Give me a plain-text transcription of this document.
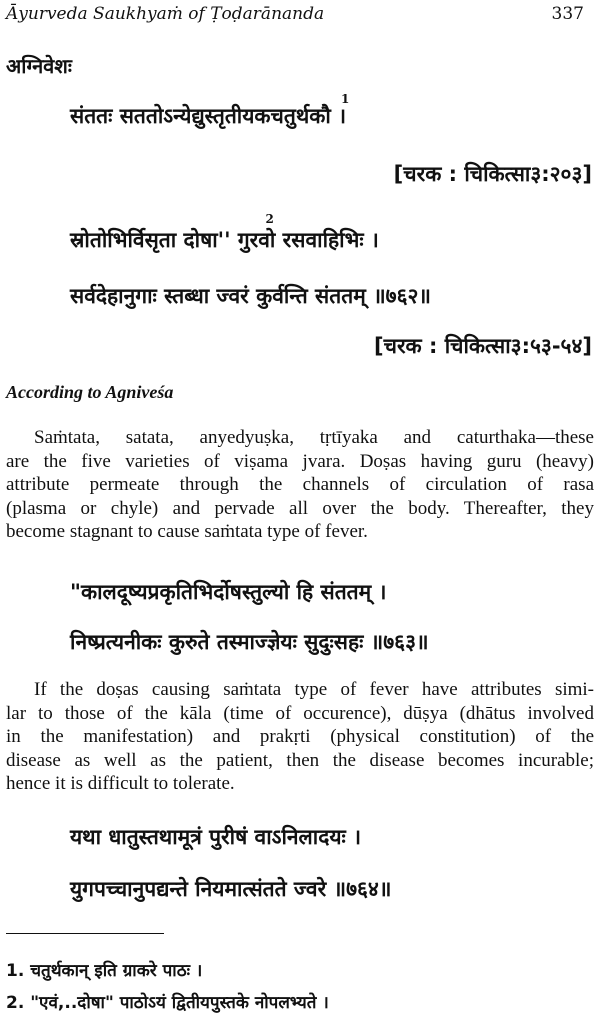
Āyurveda Saukhyaṁ of Ṭoḍarānanda	337
अग्निवेशः
संततः सततोऽन्येद्युस्तृतीयकचतुर्थकौ ।
$^1$
[चरक : चिकित्सा३:२०३]
स्रोतोभिर्विसृता दोषा'' गुरवो रसवाहिभिः ।
$^2$
सर्वदेहानुगाः स्तब्धा ज्वरं कुर्वन्ति संततम् ॥७६२॥
[चरक : चिकित्सा३:५३-५४]
According to Agniveśa
Saṁtata, satata, anyedyuṣka, tṛtīyaka and caturthaka—these
are the five varieties of viṣama jvara. Doṣas having guru (heavy)
attribute permeate through the channels of circulation of rasa
(plasma or chyle) and pervade all over the body. Thereafter, they
become stagnant to cause saṁtata type of fever.
"कालदूष्यप्रकृतिभिर्दोषस्तुल्यो हि संततम् ।
निष्प्रत्यनीकः कुरुते तस्माज्ज्ञेयः सुदुःसहः ॥७६३॥
If the doṣas causing saṁtata type of fever have attributes simi-
lar to those of the kāla (time of occurence), dūṣya (dhātus involved
in the manifestation) and prakṛti (physical constitution) of the
disease as well as the patient, then the disease becomes incurable;
hence it is difficult to tolerate.
यथा धातुस्तथामूत्रं पुरीषं वाऽनिलादयः ।
युगपच्चानुपद्यन्ते नियमात्संतते ज्वरे ॥७६४॥
1. चतुर्थकान् इति ग्राकरे पाठः ।
2. "एवं,..दोषा" पाठोऽयं द्वितीयपुस्तके नोपलभ्यते ।
